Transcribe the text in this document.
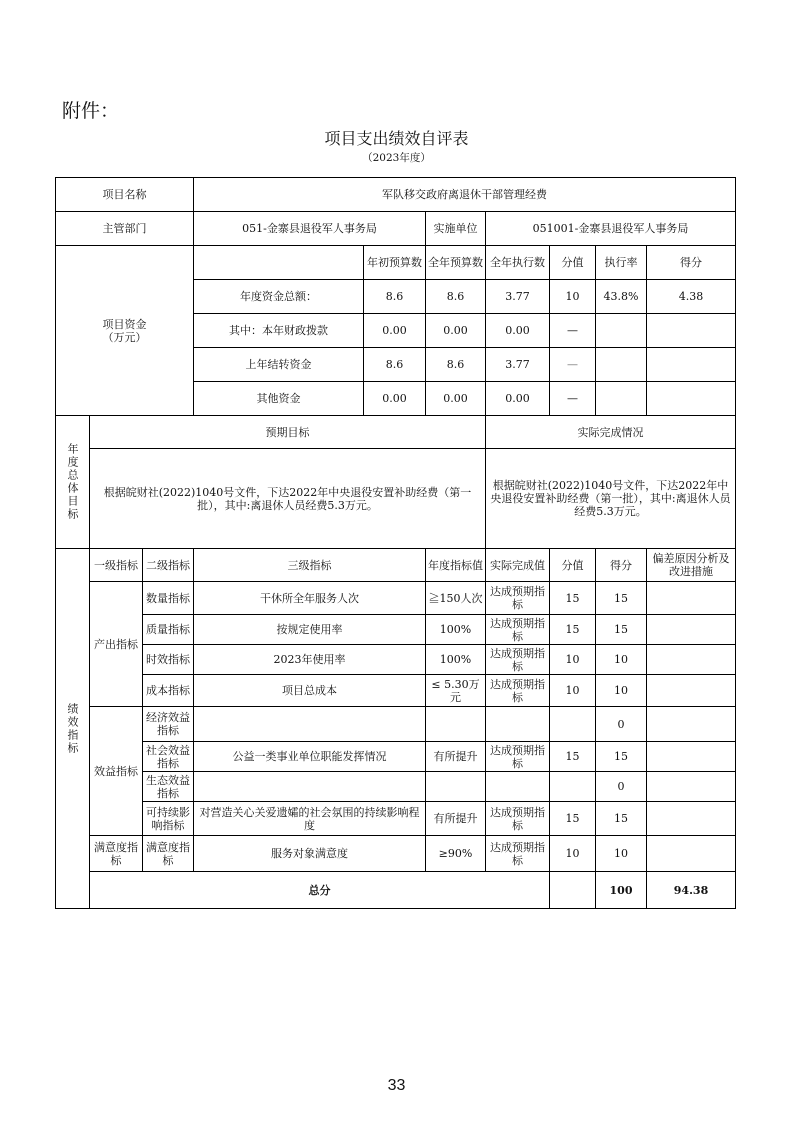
附件：
项目支出绩效自评表
（2023年度）
项目名称			军队移交政府离退休干部管理经费							
主管部门			051-金寨县退役军人事务局		实施单位	051001-金寨县退役军人事务局				
项目资金
（万元）				年初预算数	全年预算数	全年执行数	分值	执行率	得分	
			年度资金总额：	8.6	8.6	3.77	10	43.8%	4.38	
			其中：本年财政拨款	0.00	0.00	0.00	—			
			上年结转资金	8.6	8.6	3.77	—			
			其他资金	0.00	0.00	0.00	—			
年度总体目标	预期目标					实际完成情况				
	根据皖财社(2022)1040号文件，下达2022年中央退役安置补助经费（第一批），其中:离退休人员经费5.3万元。					根据皖财社(2022)1040号文件，下达2022年中央退役安置补助经费（第一批），其中:离退休人员经费5.3万元。				
绩效指标	一级指标	二级指标	三级指标		年度指标值	实际完成值	分值	得分	偏差原因分析及改进措施	
	产出指标	数量指标	干休所全年服务人次		≧150人次	达成预期指标	15	15		
		质量指标	按规定使用率		100%	达成预期指标	15	15		
		时效指标	2023年使用率		100%	达成预期指标	10	10		
		成本指标	项目总成本		≤ 5.30万元	达成预期指标	10	10		
	效益指标	经济效益指标						0		
		社会效益指标	公益一类事业单位职能发挥情况		有所提升	达成预期指标	15	15		
		生态效益指标						0		
		可持续影响指标	对营造关心关爱遗孀的社会氛围的持续影响程度		有所提升	达成预期指标	15	15		
	满意度指标	满意度指标	服务对象满意度		≥90%	达成预期指标	10	10		
	总分							100	94.38	
33
